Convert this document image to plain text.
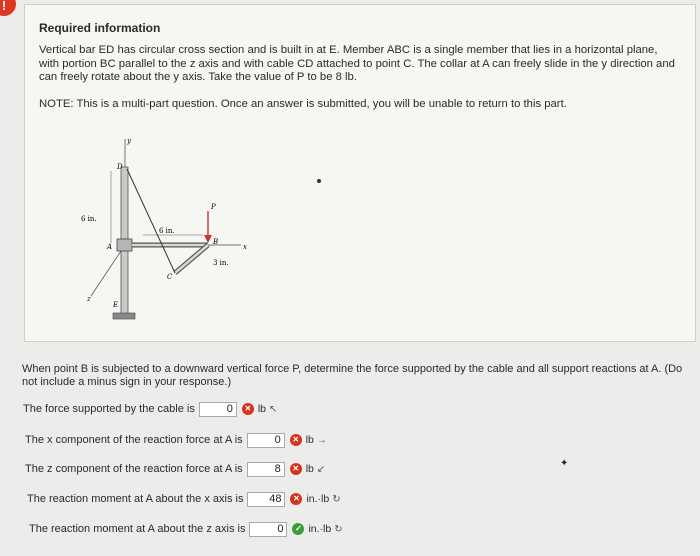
!
Required information
Vertical bar ED has circular cross section and is built in at E. Member ABC is a single member that lies in a horizontal plane, with portion BC parallel to the z axis and with cable CD attached to point C. The collar at A can freely slide in the y direction and can freely rotate about the y axis. Take the value of P to be 8 lb.
NOTE: This is a multi-part question. Once an answer is submitted, you will be unable to return to this part.
y
D
6 in.
A
6 in.
P
B
x
3 in.
C
z
E
When point B is subjected to a downward vertical force P, determine the force supported by the cable and all support reactions at A. (Do not include a minus sign in your response.)
The force supported by the cable is
0	✕ lb ↖
The x component of the reaction force at A is
0	✕ lb →
The z component of the reaction force at A is
8	✕ lb ↙
The reaction moment at A about the x axis is
48	✕ in.·lb ↻
The reaction moment at A about the z axis is
0	✓ in.·lb ↻
✦
